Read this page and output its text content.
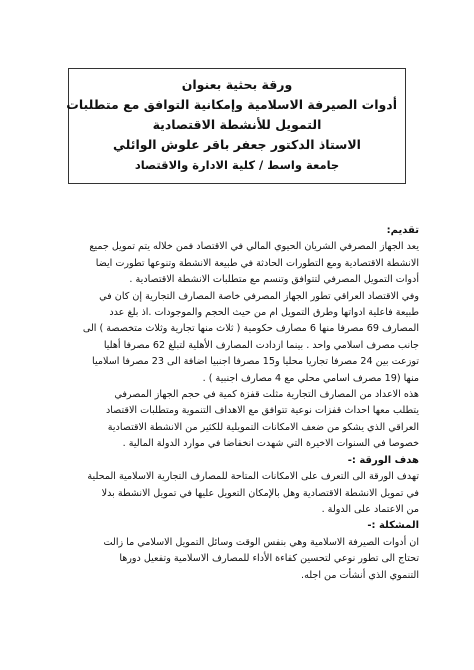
ورقة بحثية بعنوان
أدوات الصيرفة الاسلامية وإمكانية التوافق مع متطلبات
التمويل للأنشطة الاقتصادية
الاستاذ الدكتور جعفر باقر علوش الوائلي
جامعة واسط / كلية الادارة والاقتصاد
تقديم:
يعد الجهاز المصرفي الشريان الحيوي المالي في الاقتصاد فمن خلاله يتم تمويل جميع
الانشطة الاقتصادية ومع التطورات الحادثة في طبيعة الانشطة وتنوعها تطورت ايضا
أدوات التمويل المصرفي لتتوافق وتنسم مع متطلبات الانشطة الاقتصادية .
وفي الاقتصاد العراقي تطور الجهاز المصرفي خاصة المصارف التجارية إن كان في
طبيعة فاعلية ادواتها وطرق التمويل ام من حيث الحجم والموجودات .اذ بلغ عدد
المصارف 69 مصرفا منها 6 مصارف حكومية ( ثلاث منها تجارية وثلاث متخصصة ) الى
جانب مصرف اسلامي واحد . بينما ازدادت المصارف الأهلية لتبلغ 62 مصرفا أهليا
توزعت بين 24 مصرفا تجاريا محليا و15 مصرفا اجنبيا اضافة الى 23 مصرفا اسلاميا
منها (19 مصرف اسامي محلي مع 4 مصارف اجنبية ) .
هذه الاعداد من المصارف التجارية مثلت قفزة كمية في حجم الجهاز المصرفي
يتطلب معها احداث قفزات نوعية تتوافق مع الاهداف التنموية ومتطلبات الاقتصاد
العراقي الذي يشكو من ضعف الامكانات التمويلية للكثير من الانشطة الاقتصادية
خصوصا في السنوات الاخيرة التي شهدت انخفاضا في موارد الدولة المالية .
هدف الورقة :-
تهدف الورقة الى التعرف على الامكانات المتاحة للمصارف التجارية الاسلامية المحلية
في تمويل الانشطة الاقتصادية وهل بالإمكان التعويل عليها في تمويل الانشطة بدلا
من الاعتماد على الدولة .
المشكلة :-
ان أدوات الصيرفة الاسلامية وهي بنفس الوقت وسائل التمويل الاسلامي ما زالت
تحتاج الى تطور نوعي لتحسين كفاءة الأداء للمصارف الاسلامية وتفعيل دورها
التنموي الذي أنشأت من اجله.
